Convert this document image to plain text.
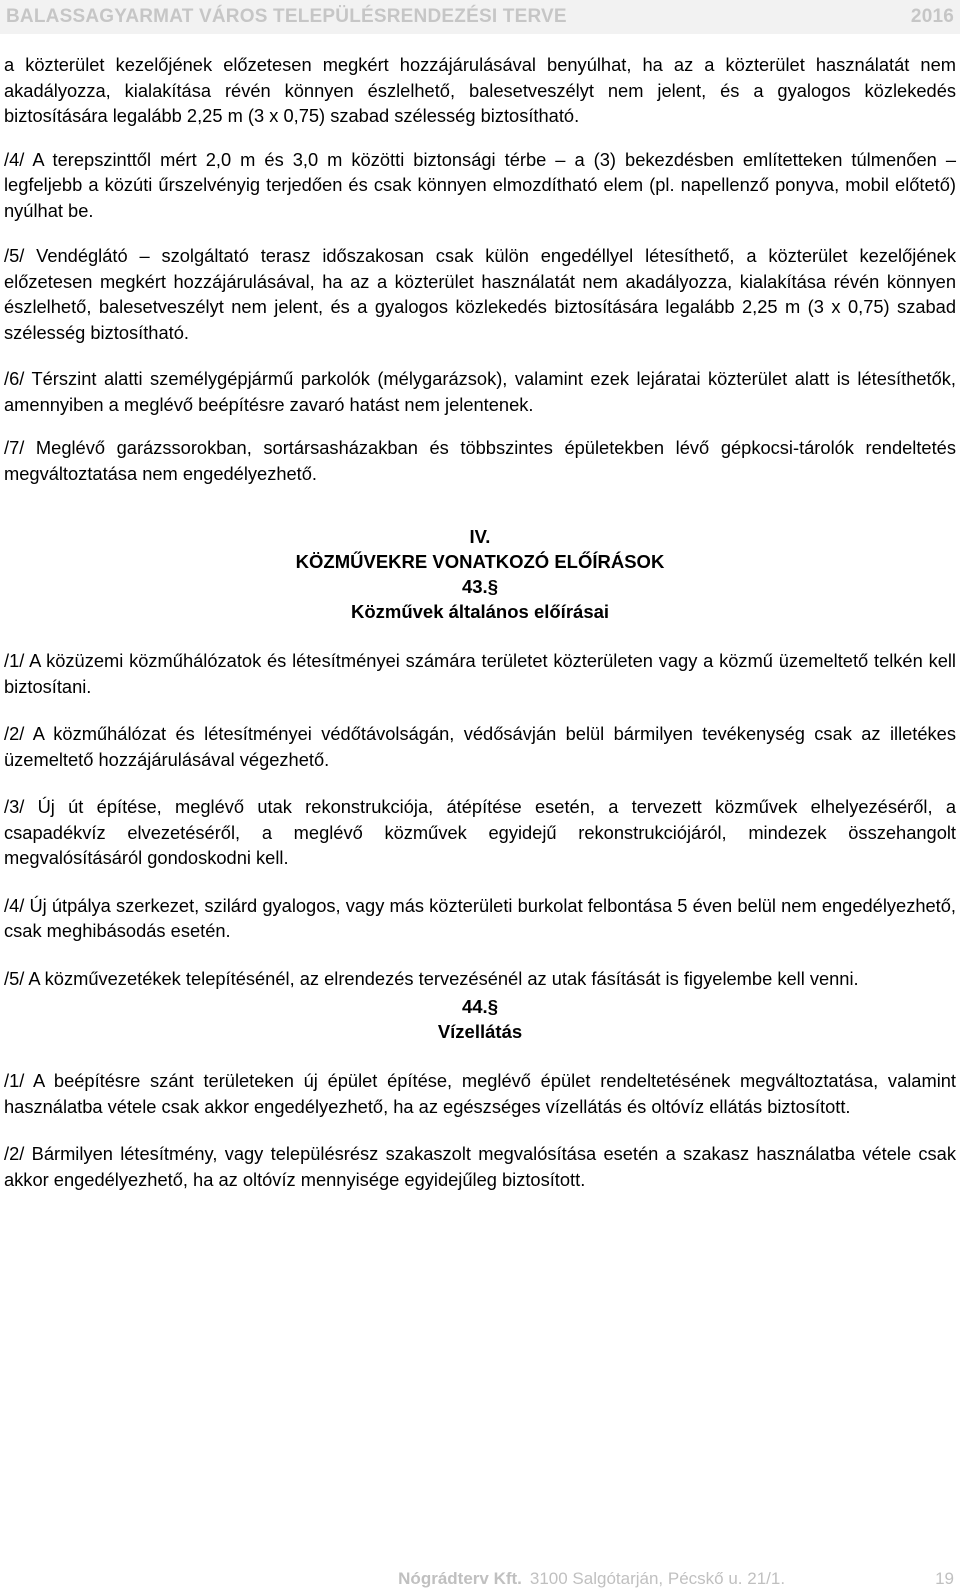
BALASSAGYARMAT VÁROS TELEPÜLÉSRENDEZÉSI TERVE	2016

a közterület kezelőjének előzetesen megkért hozzájárulásával benyúlhat, ha az a közterület használatát nem akadályozza, kialakítása révén könnyen észlelhető, balesetveszélyt nem jelent, és a gyalogos közlekedés biztosítására legalább 2,25 m (3 x 0,75) szabad szélesség biztosítható.

/4/ A terepszinttől mért 2,0 m és 3,0 m közötti biztonsági térbe – a (3) bekezdésben említetteken túlmenően – legfeljebb a közúti űrszelvényig terjedően és csak könnyen elmozdítható elem (pl. napellenző ponyva, mobil előtető) nyúlhat be.

/5/ Vendéglátó – szolgáltató terasz időszakosan csak külön engedéllyel létesíthető, a közterület kezelőjének előzetesen megkért hozzájárulásával, ha az a közterület használatát nem akadályozza, kialakítása révén könnyen észlelhető, balesetveszélyt nem jelent, és a gyalogos közlekedés biztosítására legalább 2,25 m (3 x 0,75) szabad szélesség biztosítható.

/6/ Térszint alatti személygépjármű parkolók (mélygarázsok), valamint ezek lejáratai közterület alatt is létesíthetők, amennyiben a meglévő beépítésre zavaró hatást nem jelentenek.

/7/ Meglévő garázssorokban, sortársasházakban és többszintes épületekben lévő gépkocsi-tárolók rendeltetés megváltoztatása nem engedélyezhető.

IV.

KÖZMŰVEKRE VONATKOZÓ ELŐÍRÁSOK

43.§

Közművek általános előírásai

/1/ A közüzemi közműhálózatok és létesítményei számára területet közterületen vagy a közmű üzemeltető telkén kell biztosítani.

/2/ A közműhálózat és létesítményei védőtávolságán, védősávján belül bármilyen tevékenység csak az illetékes üzemeltető hozzájárulásával végezhető.

/3/ Új út építése, meglévő utak rekonstrukciója, átépítése esetén, a tervezett közművek elhelyezéséről, a csapadékvíz elvezetéséről, a meglévő közművek egyidejű rekonstrukciójáról, mindezek összehangolt megvalósításáról gondoskodni kell.

/4/ Új útpálya szerkezet, szilárd gyalogos, vagy más közterületi burkolat felbontása 5 éven belül nem engedélyezhető, csak meghibásodás esetén.

/5/ A közművezetékek telepítésénél, az elrendezés tervezésénél az utak fásítását is figyelembe kell venni.

44.§

Vízellátás

/1/ A beépítésre szánt területeken új épület építése, meglévő épület rendeltetésének megváltoztatása, valamint használatba vétele csak akkor engedélyezhető, ha az egészséges vízellátás és oltóvíz ellátás biztosított.

/2/ Bármilyen létesítmény, vagy településrész szakaszolt megvalósítása esetén a szakasz használatba vétele csak akkor engedélyezhető, ha az oltóvíz mennyisége egyidejűleg biztosított.

Nógrádterv Kft. 3100 Salgótarján, Pécskő u. 21/1.	19
